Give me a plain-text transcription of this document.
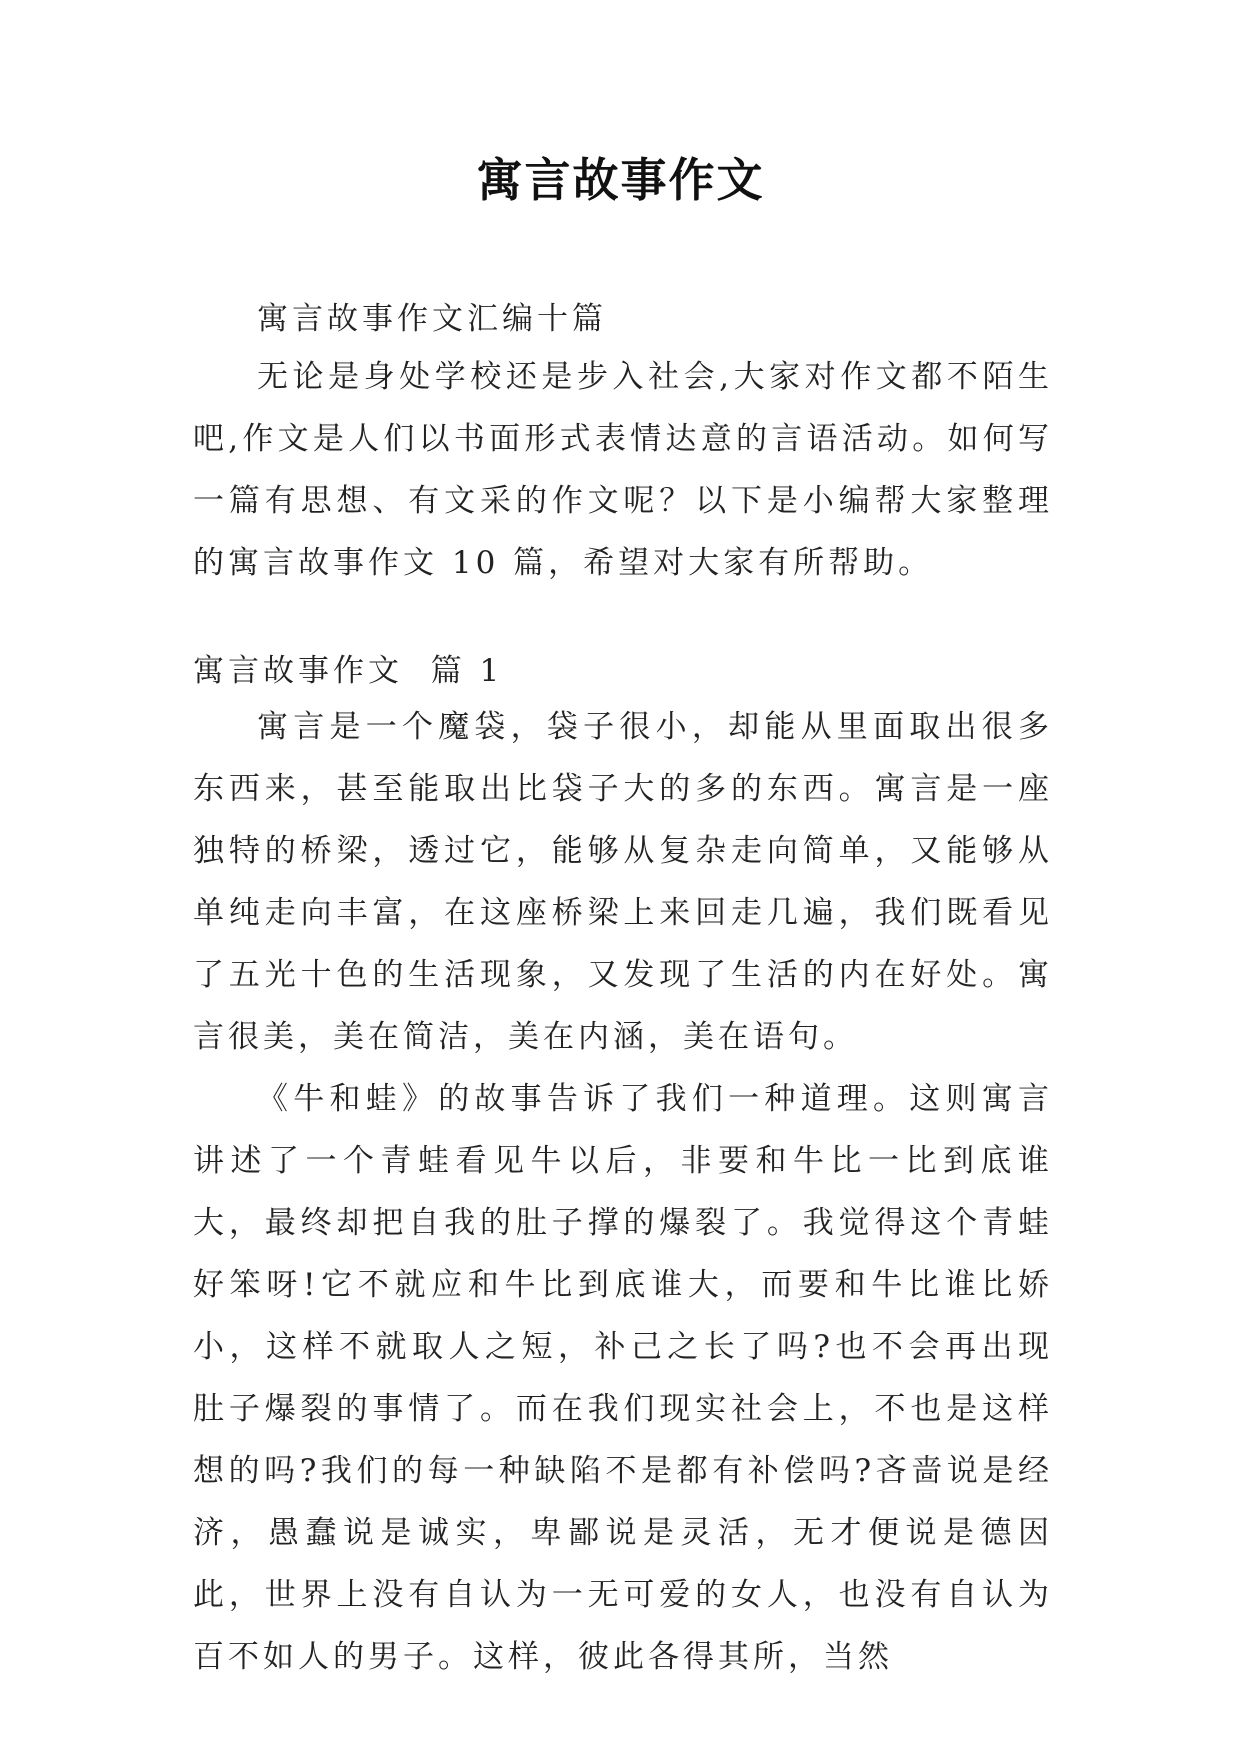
寓言故事作文

寓言故事作文汇编十篇

无论是身处学校还是步入社会,大家对作文都不陌生吧,作文是人们以书面形式表情达意的言语活动。如何写一篇有思想、有文采的作文呢？以下是小编帮大家整理的寓言故事作文 10 篇，希望对大家有所帮助。

寓言故事作文  篇 1

寓言是一个魔袋，袋子很小，却能从里面取出很多东西来，甚至能取出比袋子大的多的东西。寓言是一座独特的桥梁，透过它，能够从复杂走向简单，又能够从单纯走向丰富，在这座桥梁上来回走几遍，我们既看见了五光十色的生活现象，又发现了生活的内在好处。寓言很美，美在简洁，美在内涵，美在语句。

《牛和蛙》的故事告诉了我们一种道理。这则寓言讲述了一个青蛙看见牛以后，非要和牛比一比到底谁大，最终却把自我的肚子撑的爆裂了。我觉得这个青蛙好笨呀!它不就应和牛比到底谁大，而要和牛比谁比娇小，这样不就取人之短，补己之长了吗?也不会再出现肚子爆裂的事情了。而在我们现实社会上，不也是这样想的吗?我们的每一种缺陷不是都有补偿吗?吝啬说是经济，愚蠢说是诚实，卑鄙说是灵活，无才便说是德因此，世界上没有自认为一无可爱的女人，也没有自认为百不如人的男子。这样，彼此各得其所，当然
